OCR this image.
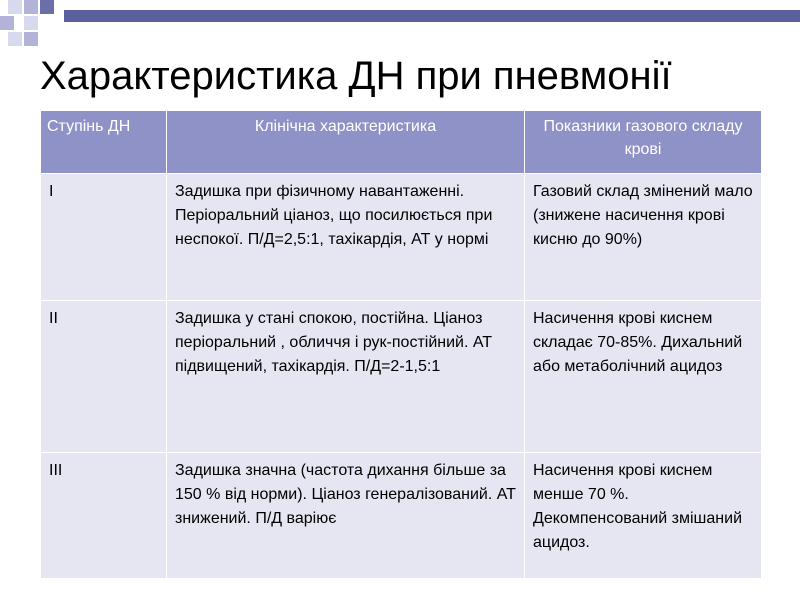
Характеристика ДН при пневмонії
Ступінь ДН	Клінічна характеристика	Показники газового складу крові
I	Задишка при фізичному навантаженні. Періоральний ціаноз, що посилюється при неспокої. П/Д=2,5:1, тахікардія, АТ у нормі	Газовий склад змінений мало (знижене насичення крові кисню до 90%)
II	Задишка у стані спокою, постійна. Ціаноз періоральний , обличчя і рук-постійний. АТ підвищений, тахікардія. П/Д=2-1,5:1	Насичення крові киснем складає 70-85%. Дихальний або метаболічний ацидоз
III	Задишка значна (частота дихання більше за 150 % від норми). Ціаноз генералізований. АТ знижений. П/Д варіює	Насичення крові киснем менше 70 %. Декомпенсований змішаний ацидоз.
